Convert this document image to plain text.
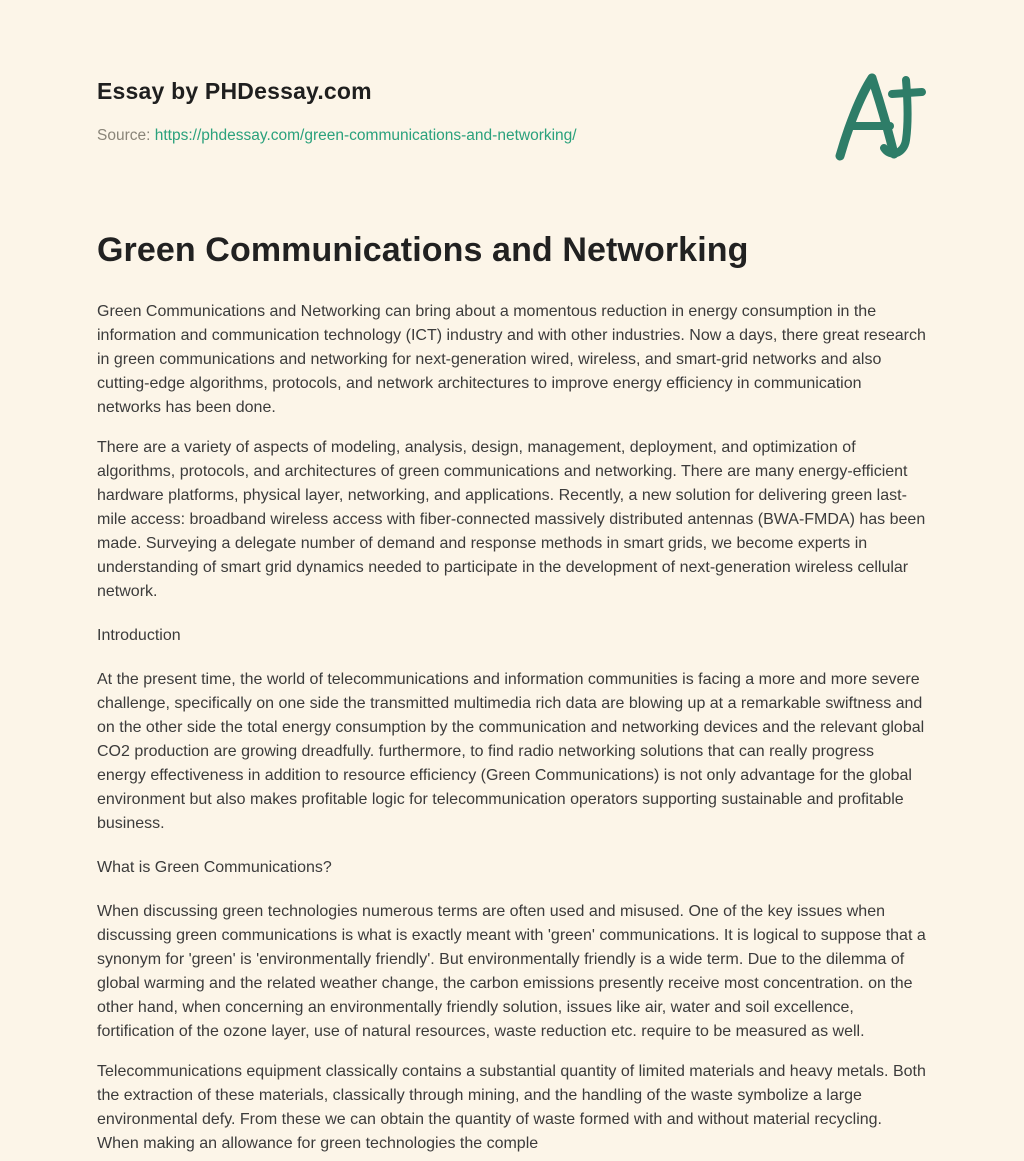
Essay by PHDessay.com
Source: https://phdessay.com/green-communications-and-networking/
Green Communications and Networking

Green Communications and Networking can bring about a momentous reduction in energy consumption in the information and communication technology (ICT) industry and with other industries. Now a days, there great research in green communications and networking for next-generation wired, wireless, and smart-grid networks and also cutting-edge algorithms, protocols, and network architectures to improve energy efficiency in communication networks has been done.

There are a variety of aspects of modeling, analysis, design, management, deployment, and optimization of algorithms, protocols, and architectures of green communications and networking. There are many energy-efficient hardware platforms, physical layer, networking, and applications. Recently, a new solution for delivering green last-mile access: broadband wireless access with fiber-connected massively distributed antennas (BWA-FMDA) has been made. Surveying a delegate number of demand and response methods in smart grids, we become experts in understanding of smart grid dynamics needed to participate in the development of next-generation wireless cellular network.

Introduction

At the present time, the world of telecommunications and information communities is facing a more and more severe challenge, specifically on one side the transmitted multimedia rich data are blowing up at a remarkable swiftness and on the other side the total energy consumption by the communication and networking devices and the relevant global CO2 production are growing dreadfully. furthermore, to find radio networking solutions that can really progress energy effectiveness in addition to resource efficiency (Green Communications) is not only advantage for the global environment but also makes profitable logic for telecommunication operators supporting sustainable and profitable business.

What is Green Communications?

When discussing green technologies numerous terms are often used and misused. One of the key issues when discussing green communications is what is exactly meant with 'green' communications. It is logical to suppose that a synonym for 'green' is 'environmentally friendly'. But environmentally friendly is a wide term. Due to the dilemma of global warming and the related weather change, the carbon emissions presently receive most concentration. on the other hand, when concerning an environmentally friendly solution, issues like air, water and soil excellence, fortification of the ozone layer, use of natural resources, waste reduction etc. require to be measured as well.

Telecommunications equipment classically contains a substantial quantity of limited materials and heavy metals. Both the extraction of these materials, classically through mining, and the handling of the waste symbolize a large environmental defy. From these we can obtain the quantity of waste formed with and without material recycling. When making an allowance for green technologies the comple
